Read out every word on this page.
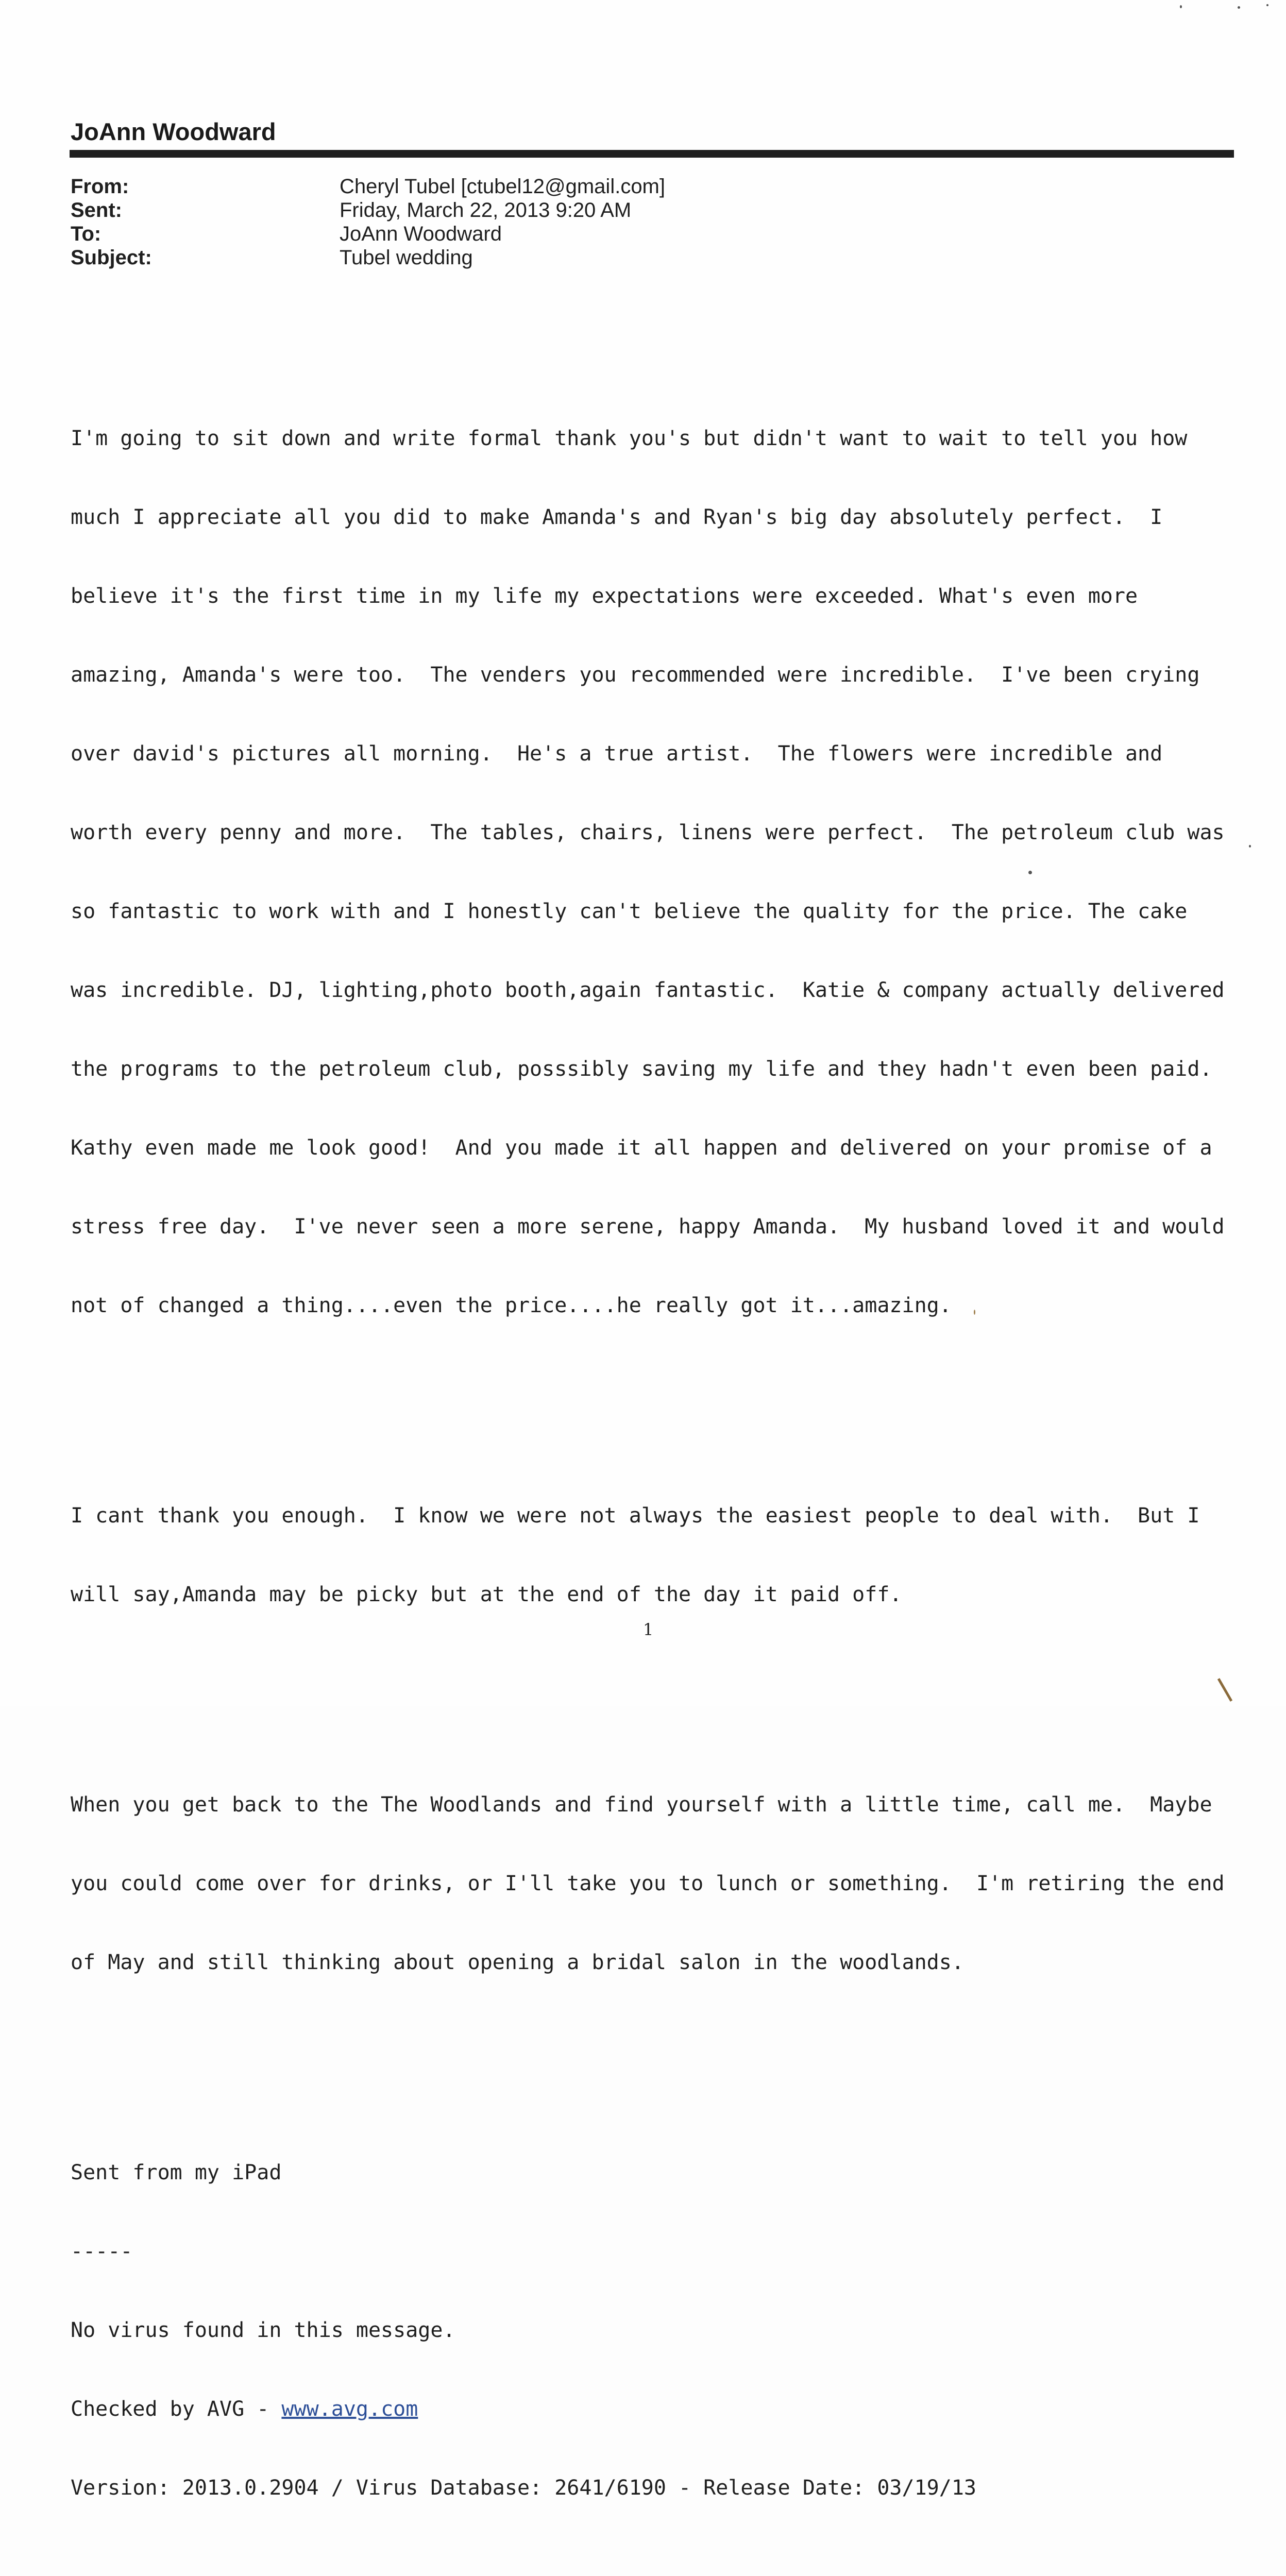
JoAnn Woodward
From:	Cheryl Tubel [ctubel12@gmail.com]
Sent:	Friday, March 22, 2013 9:20 AM
To:	JoAnn Woodward
Subject:	Tubel wedding

I'm going to sit down and write formal thank you's but didn't want to wait to tell you how

much I appreciate all you did to make Amanda's and Ryan's big day absolutely perfect.  I

believe it's the first time in my life my expectations were exceeded. What's even more

amazing, Amanda's were too.  The venders you recommended were incredible.  I've been crying

over david's pictures all morning.  He's a true artist.  The flowers were incredible and

worth every penny and more.  The tables, chairs, linens were perfect.  The petroleum club was

so fantastic to work with and I honestly can't believe the quality for the price. The cake

was incredible. DJ, lighting,photo booth,again fantastic.  Katie & company actually delivered

the programs to the petroleum club, posssibly saving my life and they hadn't even been paid.

Kathy even made me look good!  And you made it all happen and delivered on your promise of a

stress free day.  I've never seen a more serene, happy Amanda.  My husband loved it and would

not of changed a thing....even the price....he really got it...amazing.

I cant thank you enough.  I know we were not always the easiest people to deal with.  But I

will say,Amanda may be picky but at the end of the day it paid off.

When you get back to the The Woodlands and find yourself with a little time, call me.  Maybe

you could come over for drinks, or I'll take you to lunch or something.  I'm retiring the end

of May and still thinking about opening a bridal salon in the woodlands.

Sent from my iPad

-----

No virus found in this message.

Checked by AVG - www.avg.com

Version: 2013.0.2904 / Virus Database: 2641/6190 - Release Date: 03/19/13

1
